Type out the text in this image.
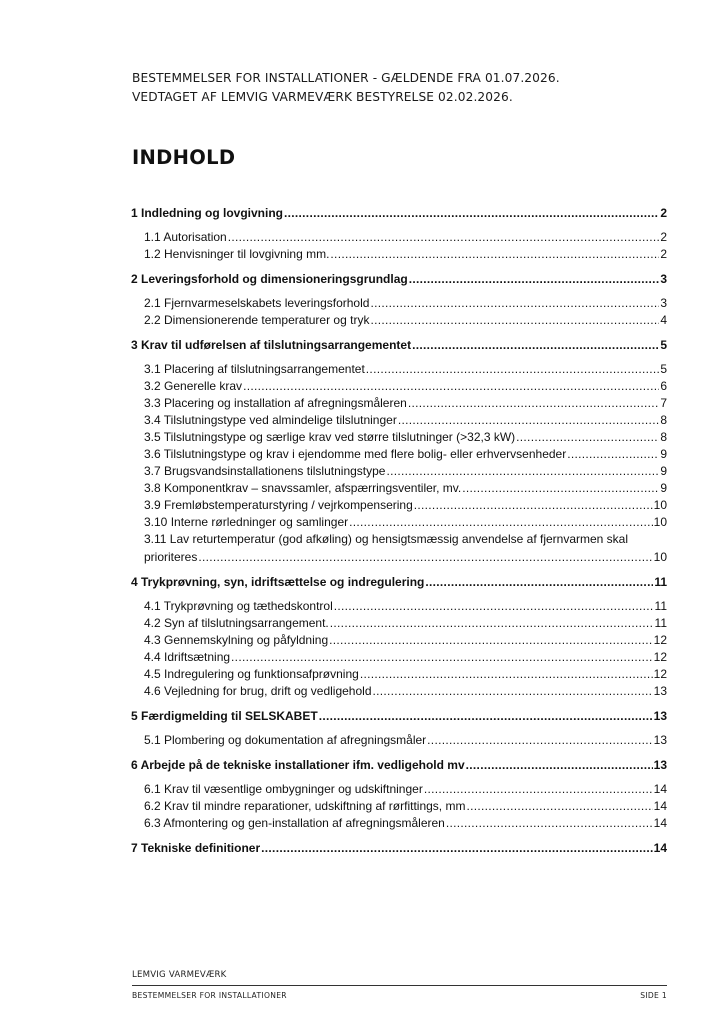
BESTEMMELSER FOR INSTALLATIONER - GÆLDENDE FRA 01.07.2026.
VEDTAGET AF LEMVIG VARMEVÆRK BESTYRELSE 02.02.2026.
INDHOLD
1 Indledning og lovgivning .....	2
1.1 Autorisation .....	2
1.2 Henvisninger til lovgivning mm. .....	2
2 Leveringsforhold og dimensioneringsgrundlag .....	3
2.1 Fjernvarmeselskabets leveringsforhold .....	3
2.2 Dimensionerende temperaturer og tryk .....	4
3 Krav til udførelsen af tilslutningsarrangementet .....	5
3.1 Placering af tilslutningsarrangementet .....	5
3.2 Generelle krav .....	6
3.3 Placering og installation af afregningsmåleren .....	7
3.4 Tilslutningstype ved almindelige tilslutninger .....	8
3.5 Tilslutningstype og særlige krav ved større tilslutninger (>32,3 kW) .....	8
3.6 Tilslutningstype og krav i ejendomme med flere bolig- eller erhvervsenheder .....	9
3.7 Brugsvandsinstallationens tilslutningstype .....	9
3.8 Komponentkrav – snavssamler, afspærringsventiler, mv. .....	9
3.9 Fremløbstemperaturstyring / vejrkompensering .....	10
3.10 Interne rørledninger og samlinger .....	10
3.11 Lav returtemperatur (god afkøling) og hensigtsmæssig anvendelse af fjernvarmen skal
prioriteres .....	10
4 Trykprøvning, syn, idriftsættelse og indregulering .....	11
4.1 Trykprøvning og tæthedskontrol .....	11
4.2 Syn af tilslutningsarrangement. .....	11
4.3 Gennemskylning og påfyldning .....	12
4.4 Idriftsætning .....	12
4.5 Indregulering og funktionsafprøvning .....	12
4.6 Vejledning for brug, drift og vedligehold .....	13
5 Færdigmelding til SELSKABET .....	13
5.1 Plombering og dokumentation af afregningsmåler .....	13
6 Arbejde på de tekniske installationer ifm. vedligehold mv .....	13
6.1 Krav til væsentlige ombygninger og udskiftninger .....	14
6.2 Krav til mindre reparationer, udskiftning af rørfittings, mm .....	14
6.3 Afmontering og gen-installation af afregningsmåleren .....	14
7 Tekniske definitioner .....	14
LEMVIG VARMEVÆRK
BESTEMMELSER FOR INSTALLATIONER	SIDE 1
